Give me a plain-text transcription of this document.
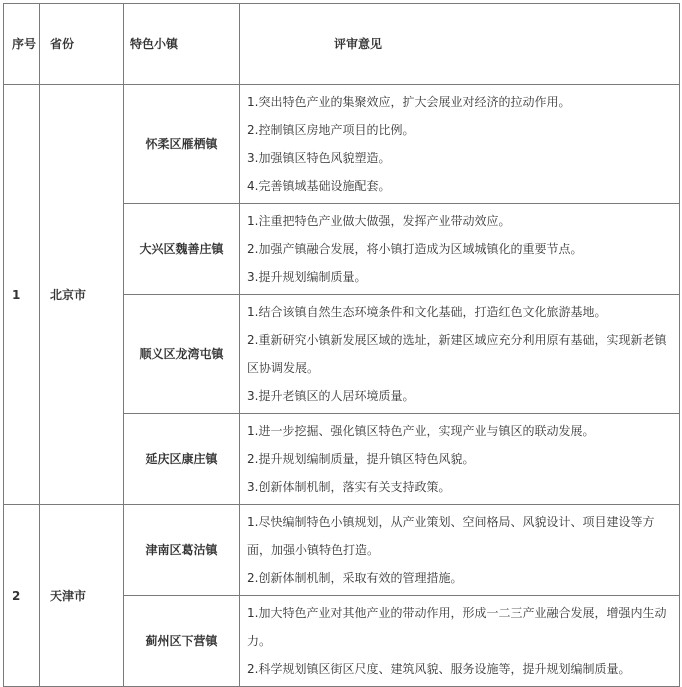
序号	省份	特色小镇	评审意见
1	北京市	怀柔区雁栖镇	1.突出特色产业的集聚效应，扩大会展业对经济的拉动作用。

2.控制镇区房地产项目的比例。

3.加强镇区特色风貌塑造。

4.完善镇域基础设施配套。

		大兴区魏善庄镇	1.注重把特色产业做大做强，发挥产业带动效应。

2.加强产镇融合发展，将小镇打造成为区域城镇化的重要节点。

3.提升规划编制质量。

		顺义区龙湾屯镇	1.结合该镇自然生态环境条件和文化基础，打造红色文化旅游基地。

2.重新研究小镇新发展区域的选址，新建区域应充分利用原有基础，实现新老镇区协调发展。

3.提升老镇区的人居环境质量。

		延庆区康庄镇	1.进一步挖掘、强化镇区特色产业，实现产业与镇区的联动发展。

2.提升规划编制质量，提升镇区特色风貌。

3.创新体制机制，落实有关支持政策。

2	天津市	津南区葛沽镇	1.尽快编制特色小镇规划，从产业策划、空间格局、风貌设计、项目建设等方面，加强小镇特色打造。

2.创新体制机制，采取有效的管理措施。

		蓟州区下营镇	1.加大特色产业对其他产业的带动作用，形成一二三产业融合发展，增强内生动力。

2.科学规划镇区街区尺度、建筑风貌、服务设施等，提升规划编制质量。
